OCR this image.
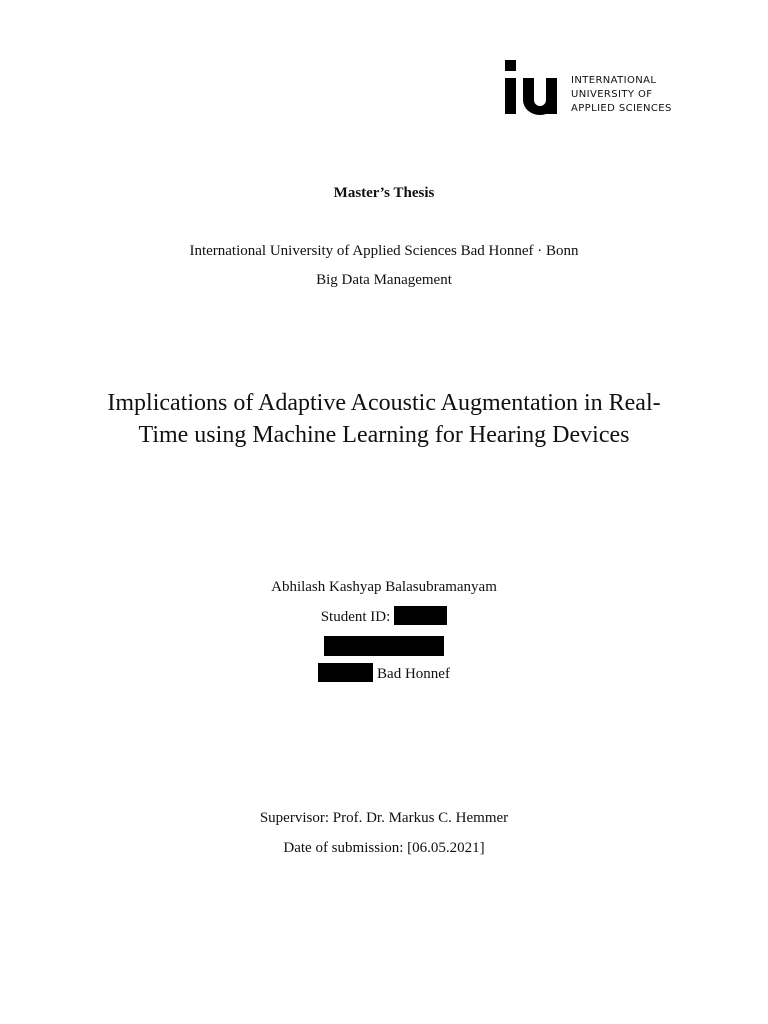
INTERNATIONAL
UNIVERSITY OF
APPLIED SCIENCES
Master’s Thesis
International University of Applied Sciences Bad Honnef · Bonn
Big Data Management
Implications of Adaptive Acoustic Augmentation in Real-Time using Machine Learning for Hearing Devices
Abhilash Kashyap Balasubramanyam
Student ID:
Bad Honnef
Supervisor: Prof. Dr. Markus C. Hemmer
Date of submission: [06.05.2021]
